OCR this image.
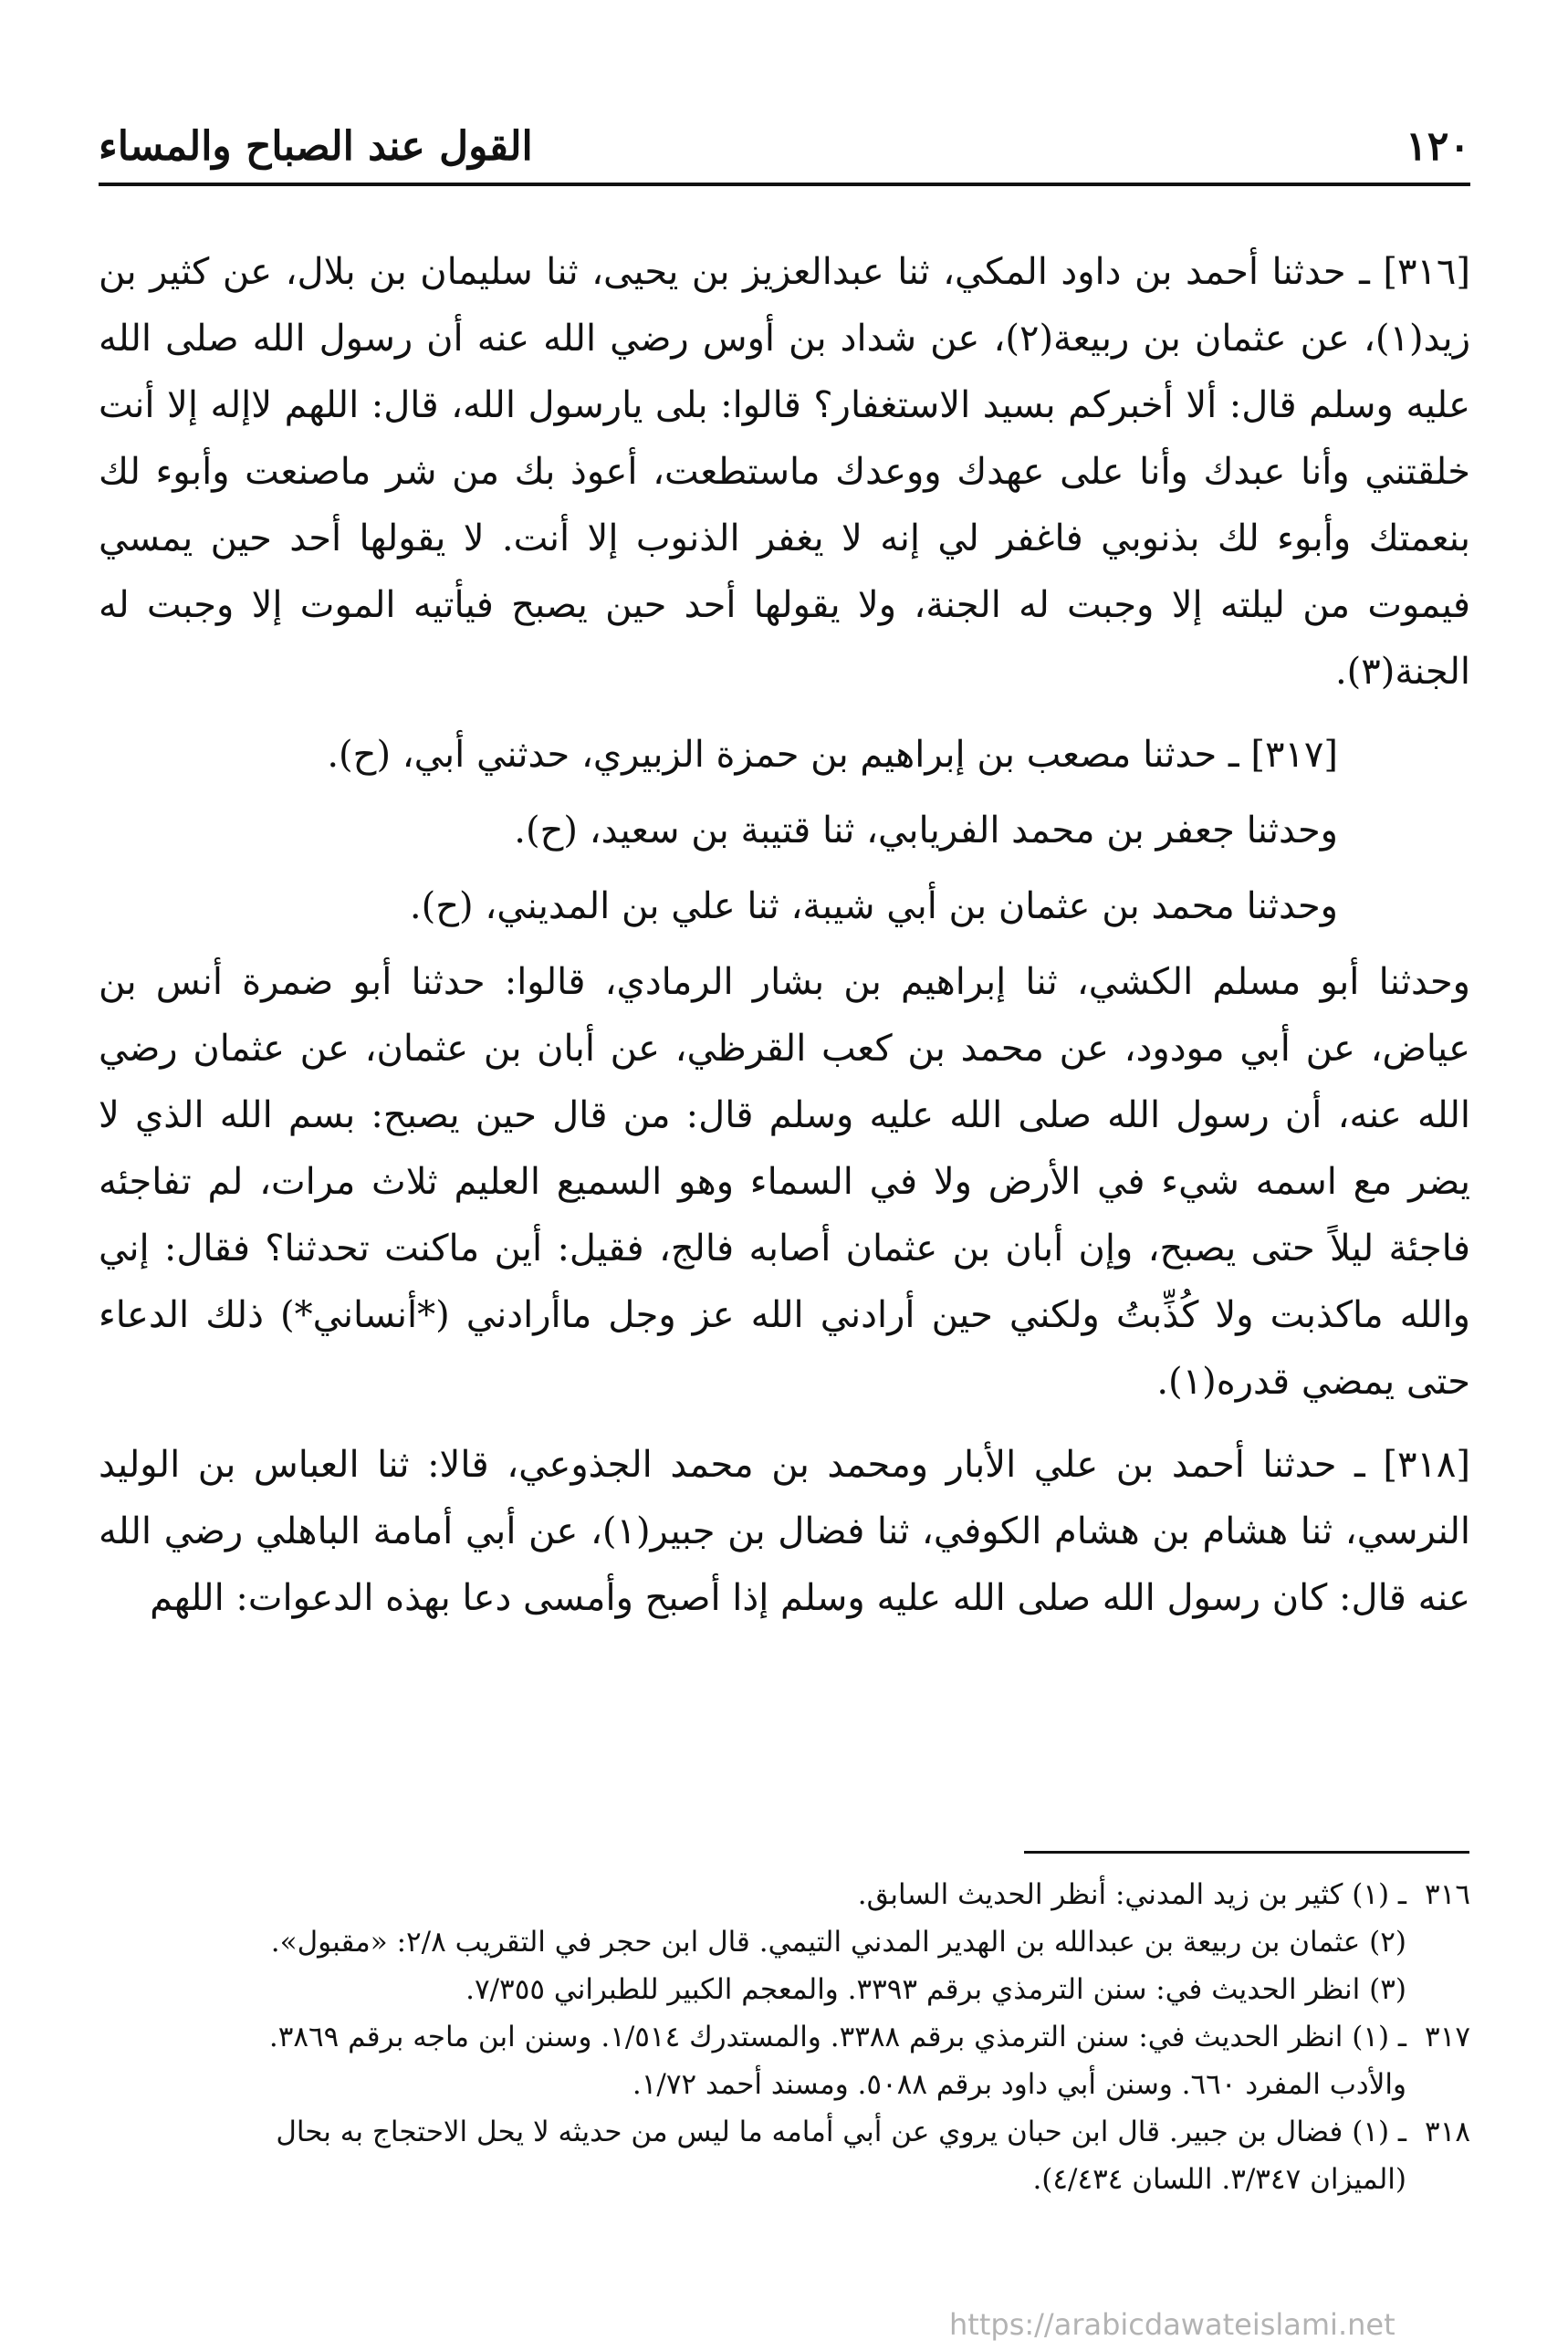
١٢٠
القول عند الصباح والمساء

[٣١٦] ـ حدثنا أحمد بن داود المكي، ثنا عبدالعزيز بن يحيى، ثنا سليمان بن بلال، عن كثير بن زيد(١)، عن عثمان بن ربيعة(٢)، عن شداد بن أوس رضي الله عنه أن رسول الله صلى الله عليه وسلم قال: ألا أخبركم بسيد الاستغفار؟ قالوا: بلى يارسول الله، قال: اللهم لاإله إلا أنت خلقتني وأنا عبدك وأنا على عهدك ووعدك ماستطعت، أعوذ بك من شر ماصنعت وأبوء لك بنعمتك وأبوء لك بذنوبي فاغفر لي إنه لا يغفر الذنوب إلا أنت. لا يقولها أحد حين يمسي فيموت من ليلته إلا وجبت له الجنة، ولا يقولها أحد حين يصبح فيأتيه الموت إلا وجبت له الجنة(٣).

[٣١٧] ـ حدثنا مصعب بن إبراهيم بن حمزة الزبيري، حدثني أبي، (ح).

وحدثنا جعفر بن محمد الفريابي، ثنا قتيبة بن سعيد، (ح).

وحدثنا محمد بن عثمان بن أبي شيبة، ثنا علي بن المديني، (ح).

وحدثنا أبو مسلم الكشي، ثنا إبراهيم بن بشار الرمادي، قالوا: حدثنا أبو ضمرة أنس بن عياض، عن أبي مودود، عن محمد بن كعب القرظي، عن أبان بن عثمان، عن عثمان رضي الله عنه، أن رسول الله صلى الله عليه وسلم قال: من قال حين يصبح: بسم الله الذي لا يضر مع اسمه شيء في الأرض ولا في السماء وهو السميع العليم ثلاث مرات، لم تفاجئه فاجئة ليلاً حتى يصبح، وإن أبان بن عثمان أصابه فالج، فقيل: أين ماكنت تحدثنا؟ فقال: إني والله ماكذبت ولا كُذِّبتُ ولكني حين أرادني الله عز وجل ماأرادني (*أنساني*) ذلك الدعاء حتى يمضي قدره(١).

[٣١٨] ـ حدثنا أحمد بن علي الأبار ومحمد بن محمد الجذوعي، قالا: ثنا العباس بن الوليد النرسي، ثنا هشام بن هشام الكوفي، ثنا فضال بن جبير(١)، عن أبي أمامة الباهلي رضي الله عنه قال: كان رسول الله صلى الله عليه وسلم إذا أصبح وأمسى دعا بهذه الدعوات: اللهم

٣١٦

ـ (١) كثير بن زيد المدني: أنظر الحديث السابق.

(٢) عثمان بن ربيعة بن عبدالله بن الهدير المدني التيمي. قال ابن حجر في التقريب ٢/٨: «مقبول».

(٣) انظر الحديث في: سنن الترمذي برقم ٣٣٩٣. والمعجم الكبير للطبراني ٧/٣٥٥.

٣١٧

ـ (١) انظر الحديث في: سنن الترمذي برقم ٣٣٨٨. والمستدرك ١/٥١٤. وسنن ابن ماجه برقم ٣٨٦٩.

والأدب المفرد ٦٦٠. وسنن أبي داود برقم ٥٠٨٨. ومسند أحمد ١/٧٢.

٣١٨

ـ (١) فضال بن جبير. قال ابن حبان يروي عن أبي أمامه ما ليس من حديثه لا يحل الاحتجاج به بحال

(الميزان ٣/٣٤٧. اللسان ٤/٤٣٤).

https://arabicdawateislami.net
